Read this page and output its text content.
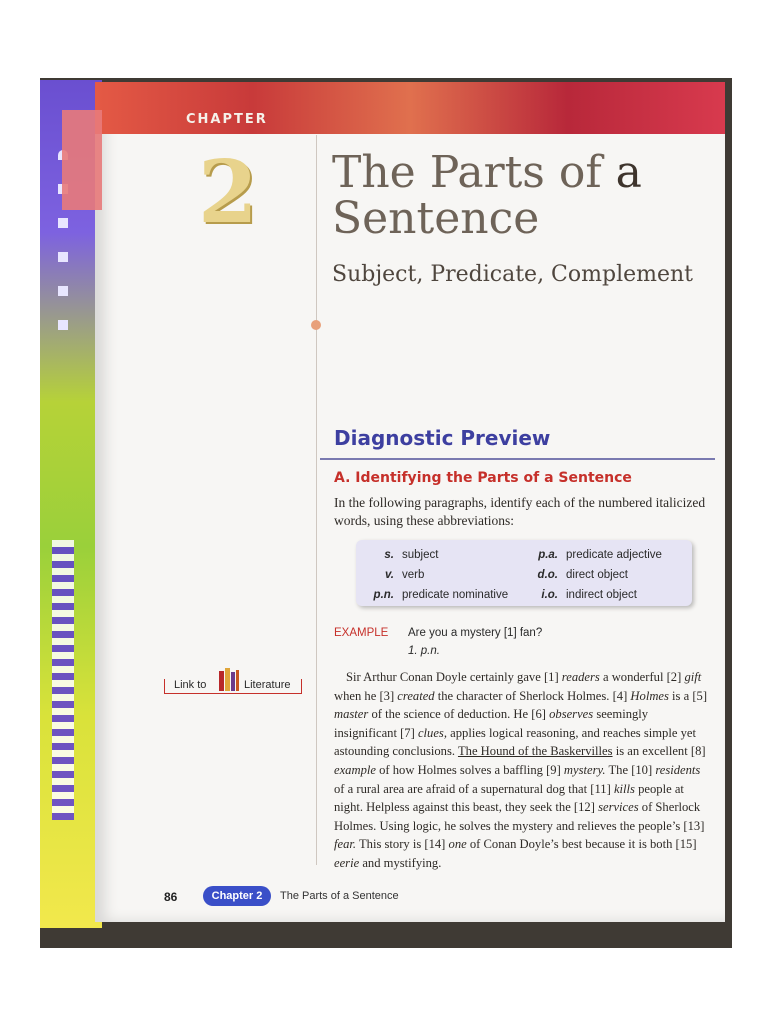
CHAPTER
2 The Parts of a
Sentence
Subject, Predicate, Complement
Diagnostic Preview
A. Identifying the Parts of a Sentence
In the following paragraphs, identify each of the numbered italicized words, using these abbreviations:
s.	subject	p.a.	predicate adjective
v.	verb	d.o.	direct object
p.n.	predicate nominative	i.o.	indirect object
EXAMPLE Are you a mystery [1] fan?
1. p.n.
Link to	Literature
Sir Arthur Conan Doyle certainly gave [1] readers a wonderful [2] gift when he [3] created the character of Sherlock Holmes. [4] Holmes is a [5] master of the science of deduction. He [6] observes seemingly insignificant [7] clues, applies logical reasoning, and reaches simple yet astounding conclusions. The Hound of the Baskervilles is an excellent [8] example of how Holmes solves a baffling [9] mystery. The [10] residents of a rural area are afraid of a supernatural dog that [11] kills people at night. Helpless against this beast, they seek the [12] services of Sherlock Holmes. Using logic, he solves the mystery and relieves the people’s [13] fear. This story is [14] one of Conan Doyle’s best because it is both [15] eerie and mystifying.
86	Chapter 2	The Parts of a Sentence
